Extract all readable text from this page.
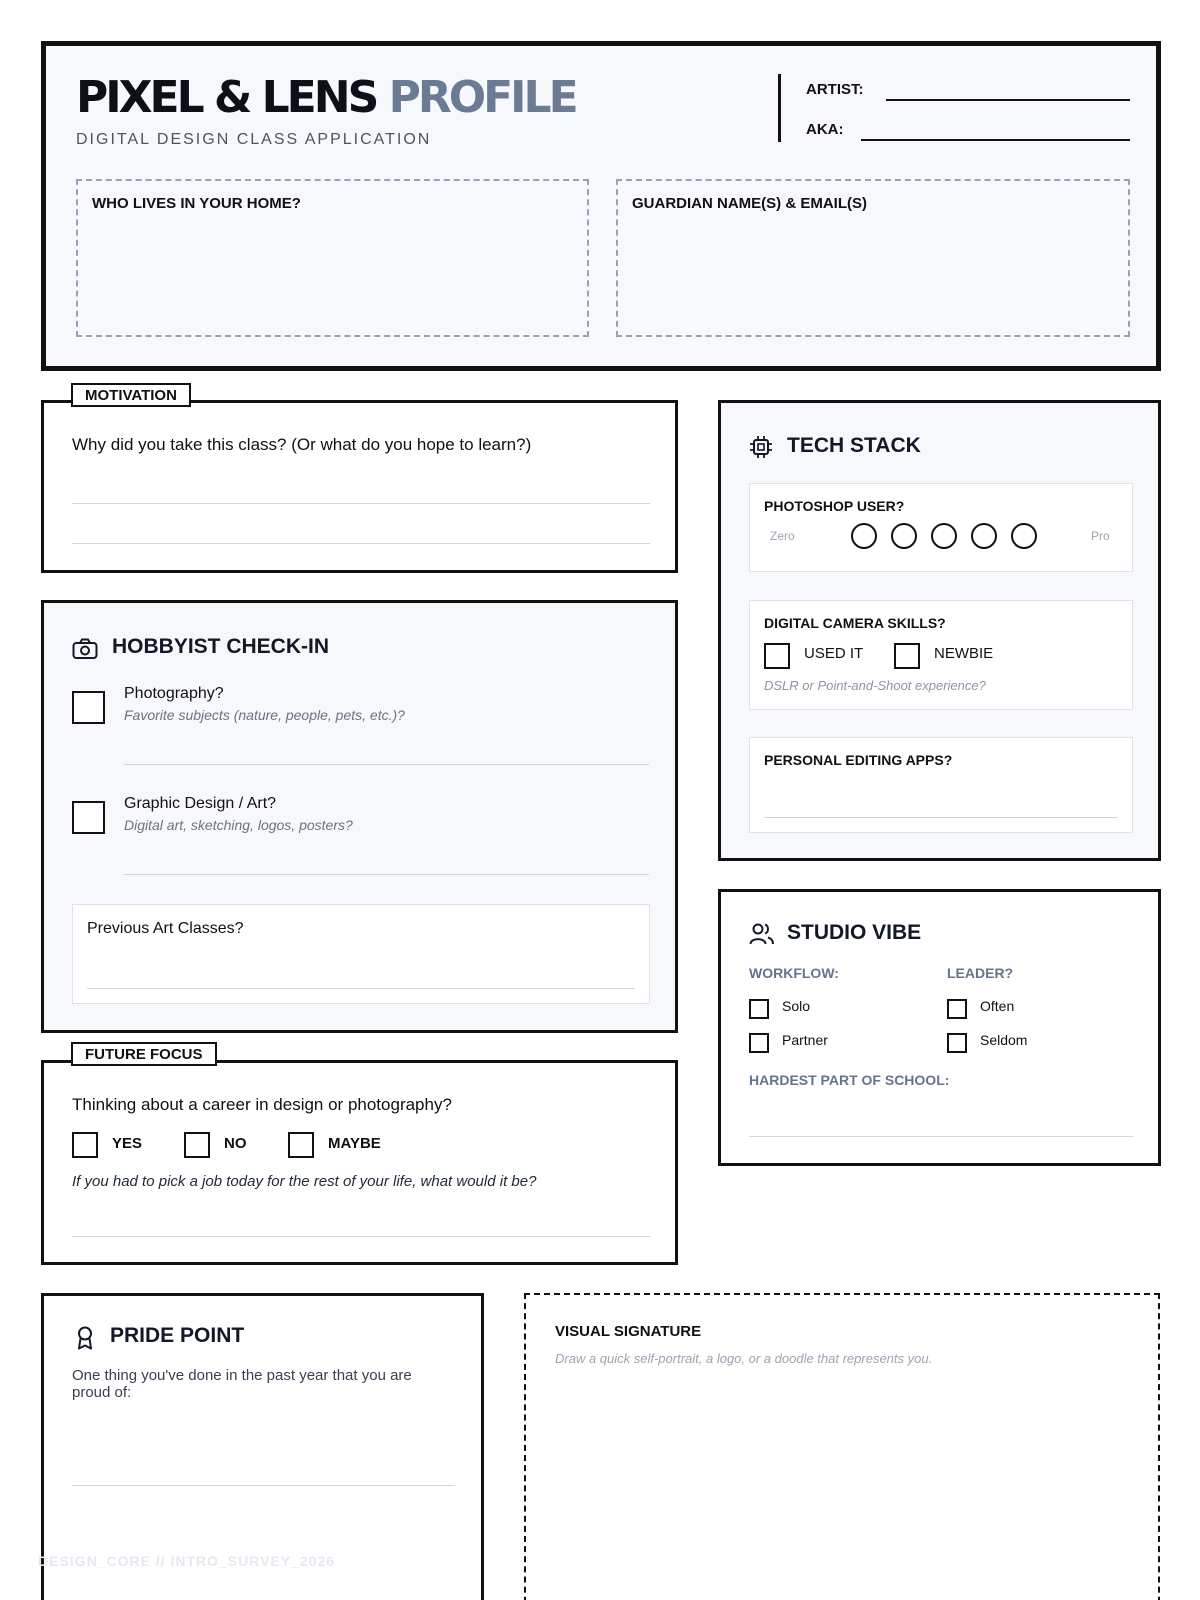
PIXEL & LENS PROFILE
DIGITAL DESIGN CLASS APPLICATION
ARTIST:
AKA:
WHO LIVES IN YOUR HOME?	GUARDIAN NAME(S) & EMAIL(S)
Why did you take this class? (Or what do you hope to learn?)
MOTIVATION
HOBBYIST CHECK-IN
Photography?
Favorite subjects (nature, people, pets, etc.)?
Graphic Design / Art?
Digital art, sketching, logos, posters?
Previous Art Classes?
Thinking about a career in design or photography?
YES	NO	MAYBE
If you had to pick a job today for the rest of your life, what would it be?
FUTURE FOCUS
TECH STACK
PHOTOSHOP USER?
Zero	Pro
DIGITAL CAMERA SKILLS?
USED IT	NEWBIE
DSLR or Point-and-Shoot experience?
PERSONAL EDITING APPS?
STUDIO VIBE
WORKFLOW:
Solo
Partner
LEADER?
Often
Seldom
HARDEST PART OF SCHOOL:
PRIDE POINT
One thing you've done in the past year that you are
proud of:
VISUAL SIGNATURE
Draw a quick self-portrait, a logo, or a doodle that represents you.
DESIGN_CORE // INTRO_SURVEY_2026
